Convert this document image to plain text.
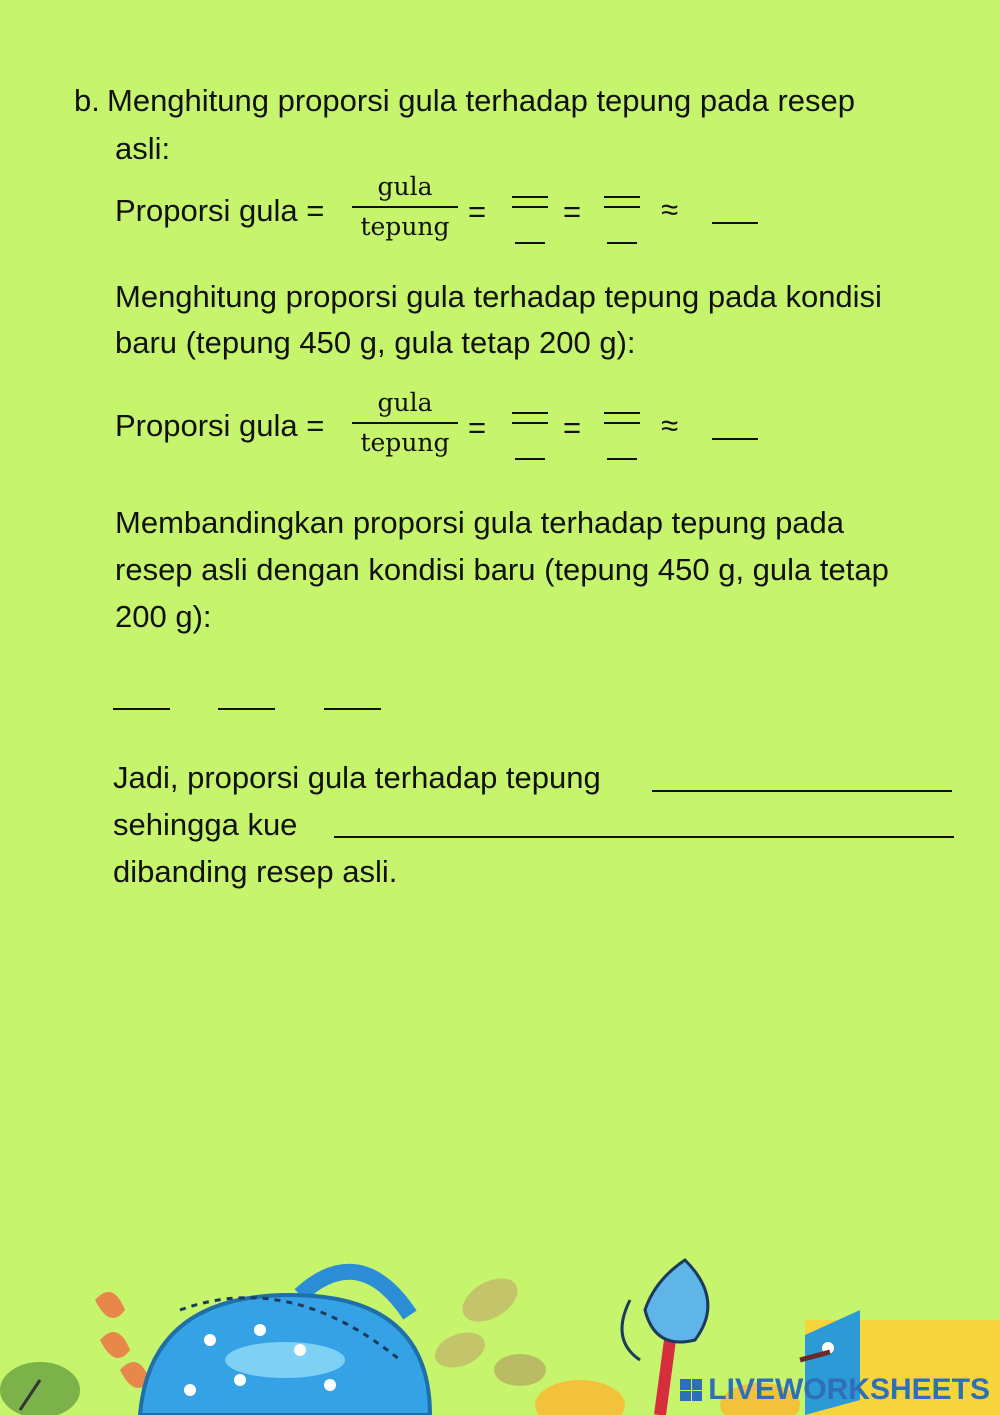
b. Menghitung proporsi gula terhadap tepung pada resep
asli:
Proporsi gula =
gula
tepung = =	≈
Menghitung proporsi gula terhadap tepung pada kondisi
baru (tepung 450 g, gula tetap 200 g):
Proporsi gula =
gula
tepung = =	≈
Membandingkan proporsi gula terhadap tepung pada
resep asli dengan kondisi baru (tepung 450 g, gula tetap
200 g):
Jadi, proporsi gula terhadap tepung
sehingga kue
dibanding resep asli.
LIVEWORKSHEETS
